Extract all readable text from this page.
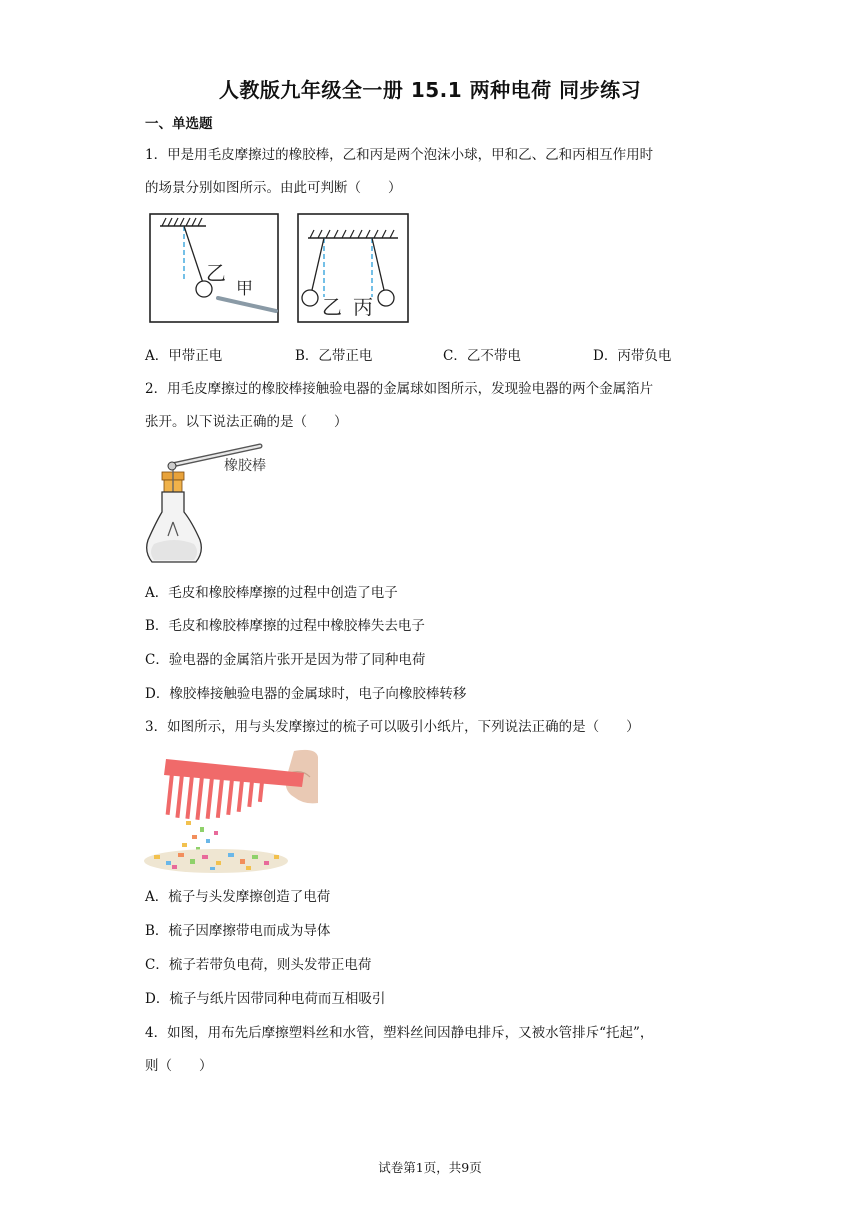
人教版九年级全一册 15.1 两种电荷 同步练习
一、单选题
1．甲是用毛皮摩擦过的橡胶棒，乙和丙是两个泡沫小球，甲和乙、乙和丙相互作用时
的场景分别如图所示。由此可判断（　　）
乙
甲
乙 丙
A．甲带正电	B．乙带正电	C．乙不带电	D．丙带负电
2．用毛皮摩擦过的橡胶棒接触验电器的金属球如图所示，发现验电器的两个金属箔片
张开。以下说法正确的是（　　）
橡胶棒
A．毛皮和橡胶棒摩擦的过程中创造了电子
B．毛皮和橡胶棒摩擦的过程中橡胶棒失去电子
C．验电器的金属箔片张开是因为带了同种电荷
D．橡胶棒接触验电器的金属球时，电子向橡胶棒转移
3．如图所示，用与头发摩擦过的梳子可以吸引小纸片，下列说法正确的是（　　）
A．梳子与头发摩擦创造了电荷
B．梳子因摩擦带电而成为导体
C．梳子若带负电荷，则头发带正电荷
D．梳子与纸片因带同种电荷而互相吸引
4．如图，用布先后摩擦塑料丝和水管，塑料丝间因静电排斥，又被水管排斥“托起”，
则（　　）
试卷第1页，共9页
